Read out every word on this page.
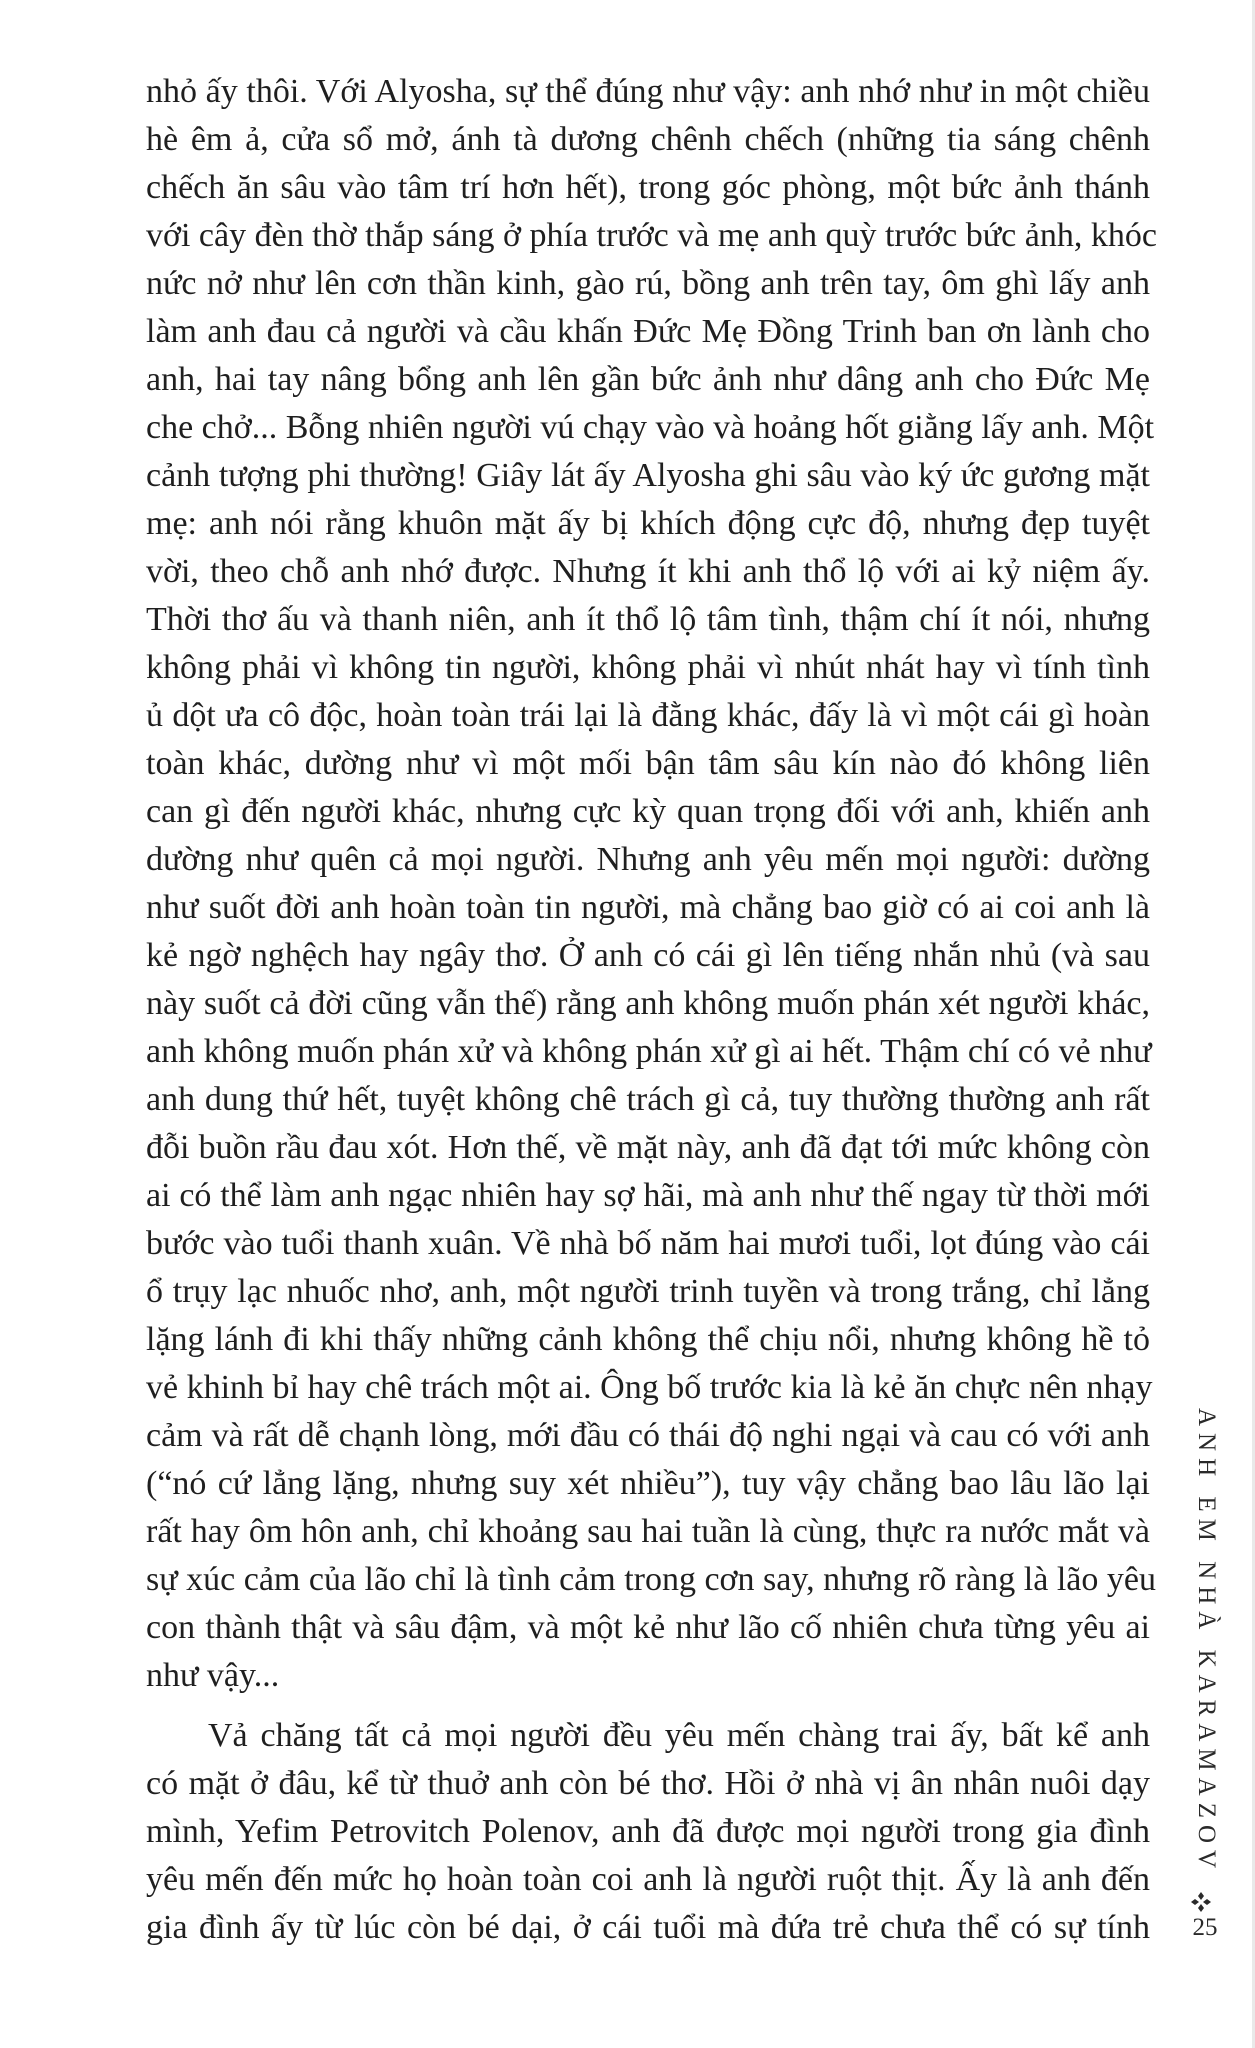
nhỏ ấy thôi. Với Alyosha, sự thể đúng như vậy: anh nhớ như in một chiều
hè êm ả, cửa sổ mở, ánh tà dương chênh chếch (những tia sáng chênh
chếch ăn sâu vào tâm trí hơn hết), trong góc phòng, một bức ảnh thánh
với cây đèn thờ thắp sáng ở phía trước và mẹ anh quỳ trước bức ảnh, khóc
nức nở như lên cơn thần kinh, gào rú, bồng anh trên tay, ôm ghì lấy anh
làm anh đau cả người và cầu khấn Đức Mẹ Đồng Trinh ban ơn lành cho
anh, hai tay nâng bổng anh lên gần bức ảnh như dâng anh cho Đức Mẹ
che chở... Bỗng nhiên người vú chạy vào và hoảng hốt giằng lấy anh. Một
cảnh tượng phi thường! Giây lát ấy Alyosha ghi sâu vào ký ức gương mặt
mẹ: anh nói rằng khuôn mặt ấy bị khích động cực độ, nhưng đẹp tuyệt
vời, theo chỗ anh nhớ được. Nhưng ít khi anh thổ lộ với ai kỷ niệm ấy.
Thời thơ ấu và thanh niên, anh ít thổ lộ tâm tình, thậm chí ít nói, nhưng
không phải vì không tin người, không phải vì nhút nhát hay vì tính tình
ủ dột ưa cô độc, hoàn toàn trái lại là đằng khác, đấy là vì một cái gì hoàn
toàn khác, dường như vì một mối bận tâm sâu kín nào đó không liên
can gì đến người khác, nhưng cực kỳ quan trọng đối với anh, khiến anh
dường như quên cả mọi người. Nhưng anh yêu mến mọi người: dường
như suốt đời anh hoàn toàn tin người, mà chẳng bao giờ có ai coi anh là
kẻ ngờ nghệch hay ngây thơ. Ở anh có cái gì lên tiếng nhắn nhủ (và sau
này suốt cả đời cũng vẫn thế) rằng anh không muốn phán xét người khác,
anh không muốn phán xử và không phán xử gì ai hết. Thậm chí có vẻ như
anh dung thứ hết, tuyệt không chê trách gì cả, tuy thường thường anh rất
đỗi buồn rầu đau xót. Hơn thế, về mặt này, anh đã đạt tới mức không còn
ai có thể làm anh ngạc nhiên hay sợ hãi, mà anh như thế ngay từ thời mới
bước vào tuổi thanh xuân. Về nhà bố năm hai mươi tuổi, lọt đúng vào cái
ổ trụy lạc nhuốc nhơ, anh, một người trinh tuyền và trong trắng, chỉ lẳng
lặng lánh đi khi thấy những cảnh không thể chịu nổi, nhưng không hề tỏ
vẻ khinh bỉ hay chê trách một ai. Ông bố trước kia là kẻ ăn chực nên nhạy
cảm và rất dễ chạnh lòng, mới đầu có thái độ nghi ngại và cau có với anh
(“nó cứ lẳng lặng, nhưng suy xét nhiều”), tuy vậy chẳng bao lâu lão lại
rất hay ôm hôn anh, chỉ khoảng sau hai tuần là cùng, thực ra nước mắt và
sự xúc cảm của lão chỉ là tình cảm trong cơn say, nhưng rõ ràng là lão yêu
con thành thật và sâu đậm, và một kẻ như lão cố nhiên chưa từng yêu ai
như vậy...
Vả chăng tất cả mọi người đều yêu mến chàng trai ấy, bất kể anh
có mặt ở đâu, kể từ thuở anh còn bé thơ. Hồi ở nhà vị ân nhân nuôi dạy
mình, Yefim Petrovitch Polenov, anh đã được mọi người trong gia đình
yêu mến đến mức họ hoàn toàn coi anh là người ruột thịt. Ấy là anh đến
gia đình ấy từ lúc còn bé dại, ở cái tuổi mà đứa trẻ chưa thể có sự tính
ANH EM NHÀ KARAMAZOV
25
